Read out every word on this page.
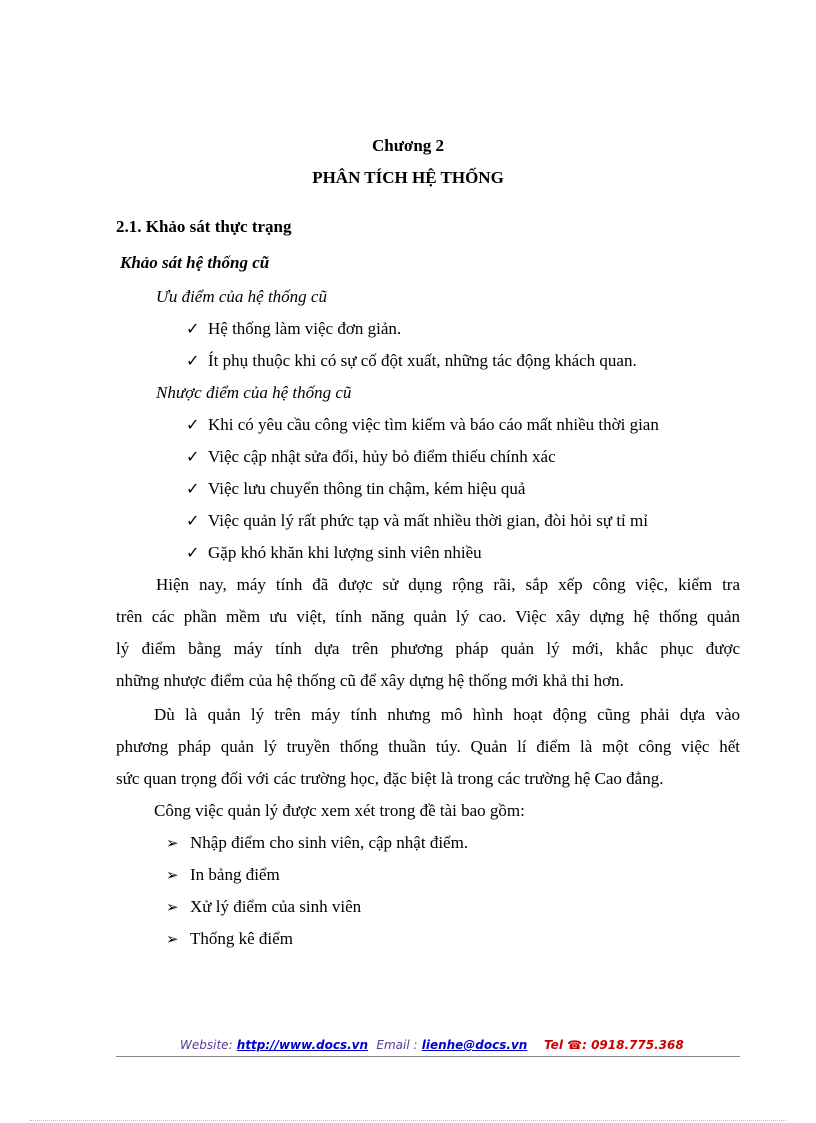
Chương 2
PHÂN TÍCH HỆ THỐNG
2.1. Khảo sát thực trạng
Khảo sát hệ thống cũ
Ưu điểm của hệ thống cũ
✓ Hệ thống làm việc đơn giản.
✓ Ít phụ thuộc khi có sự cố đột xuất, những tác động khách quan.
Nhược điểm của hệ thống cũ
✓ Khi có yêu cầu công việc tìm kiếm và báo cáo mất nhiều thời gian
✓ Việc cập nhật sửa đổi, hủy bỏ điểm thiếu chính xác
✓ Việc lưu chuyển thông tin chậm, kém hiệu quả
✓ Việc quản lý rất phức tạp và mất nhiều thời gian, đòi hỏi sự tỉ mỉ
✓ Gặp khó khăn khi lượng sinh viên nhiều
Hiện nay, máy tính đã được sử dụng rộng rãi, sắp xếp công việc, kiểm tra
trên các phần mềm ưu việt, tính năng quản lý cao. Việc xây dựng hệ thống quản
lý điểm bằng máy tính dựa trên phương pháp quản lý mới, khắc phục được
những nhược điểm của hệ thống cũ để xây dựng hệ thống mới khả thi hơn.
Dù là quản lý trên máy tính nhưng mô hình hoạt động cũng phải dựa vào
phương pháp quản lý truyền thống thuần túy. Quản lí điểm là một công việc hết
sức quan trọng đối với các trường học, đặc biệt là trong các trường hệ Cao đẳng.
Công việc quản lý được xem xét trong đề tài bao gồm:
➢ Nhập điểm cho sinh viên, cập nhật điểm.
➢ In bảng điểm
➢ Xử lý điểm của sinh viên
➢ Thống kê điểm
Website: http://www.docs.vn Email : lienhe@docs.vn Tel ☎: 0918.775.368
